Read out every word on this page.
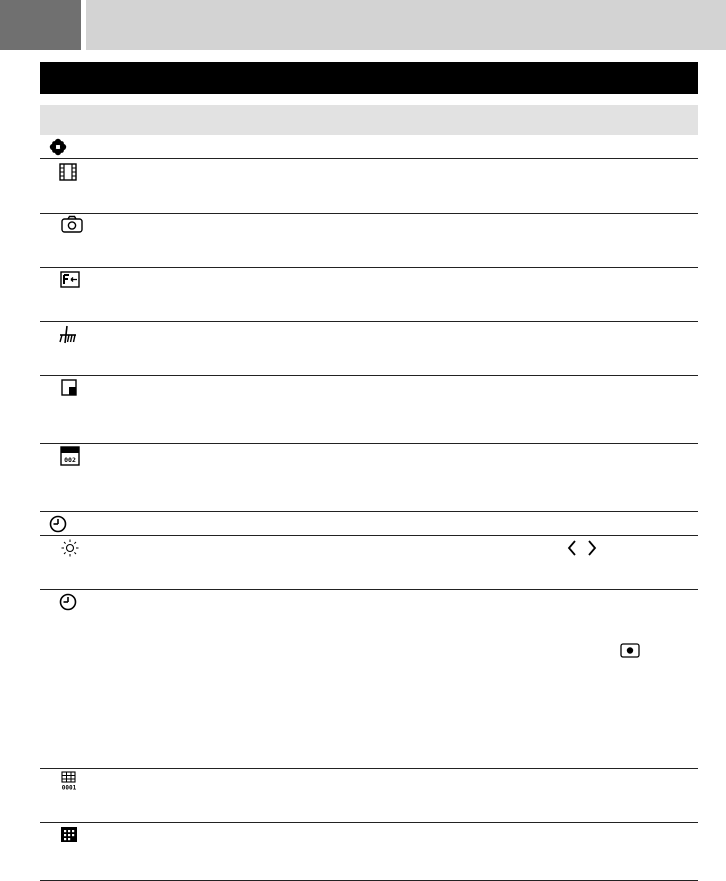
002
0001
